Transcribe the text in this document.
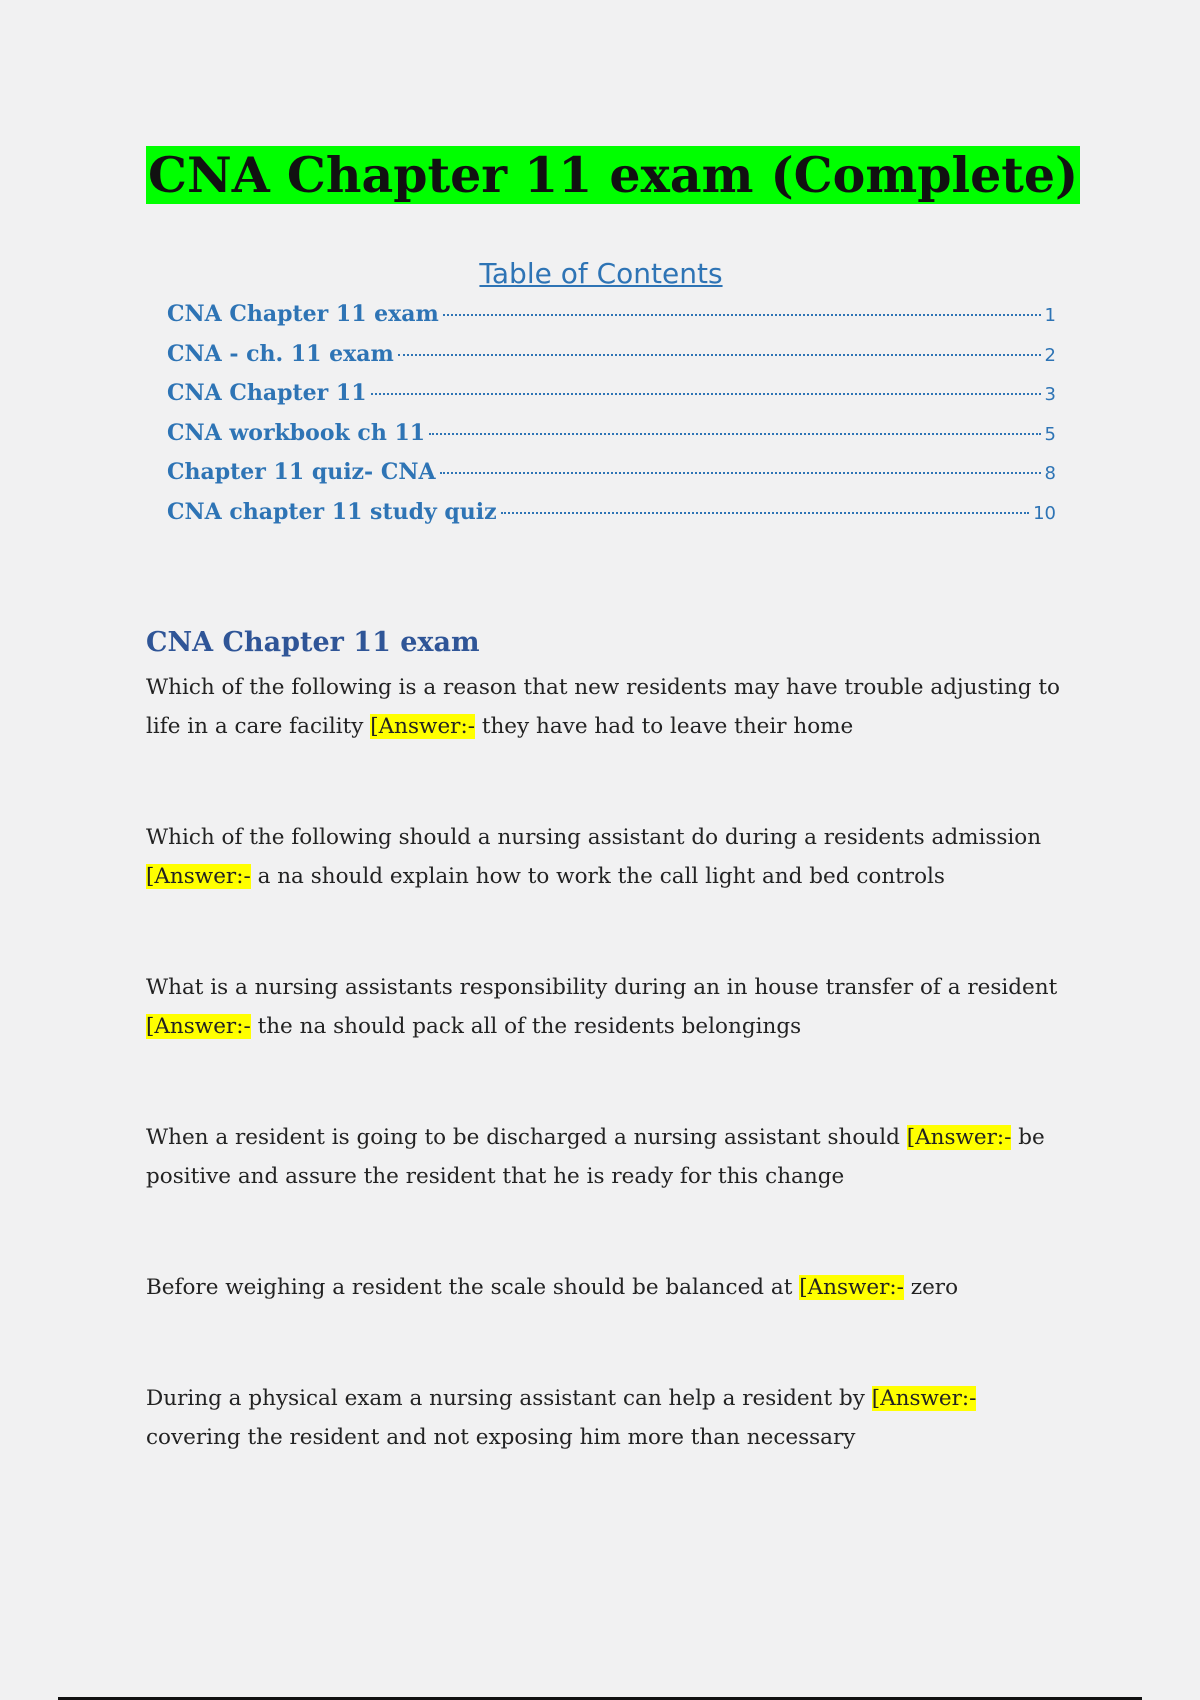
CNA Chapter 11 exam (Complete)
Table of Contents
CNA Chapter 11 exam	1
CNA - ch. 11 exam	2
CNA Chapter 11	3
CNA workbook ch 11	5
Chapter 11 quiz- CNA	8
CNA chapter 11 study quiz	10
CNA Chapter 11 exam

Which of the following is a reason that new residents may have trouble adjusting to life in a care facility [Answer:- they have had to leave their home

Which of the following should a nursing assistant do during a residents admission [Answer:- a na should explain how to work the call light and bed controls

What is a nursing assistants responsibility during an in house transfer of a resident [Answer:- the na should pack all of the residents belongings

When a resident is going to be discharged a nursing assistant should [Answer:- be positive and assure the resident that he is ready for this change

Before weighing a resident the scale should be balanced at [Answer:- zero

During a physical exam a nursing assistant can help a resident by [Answer:- covering the resident and not exposing him more than necessary
